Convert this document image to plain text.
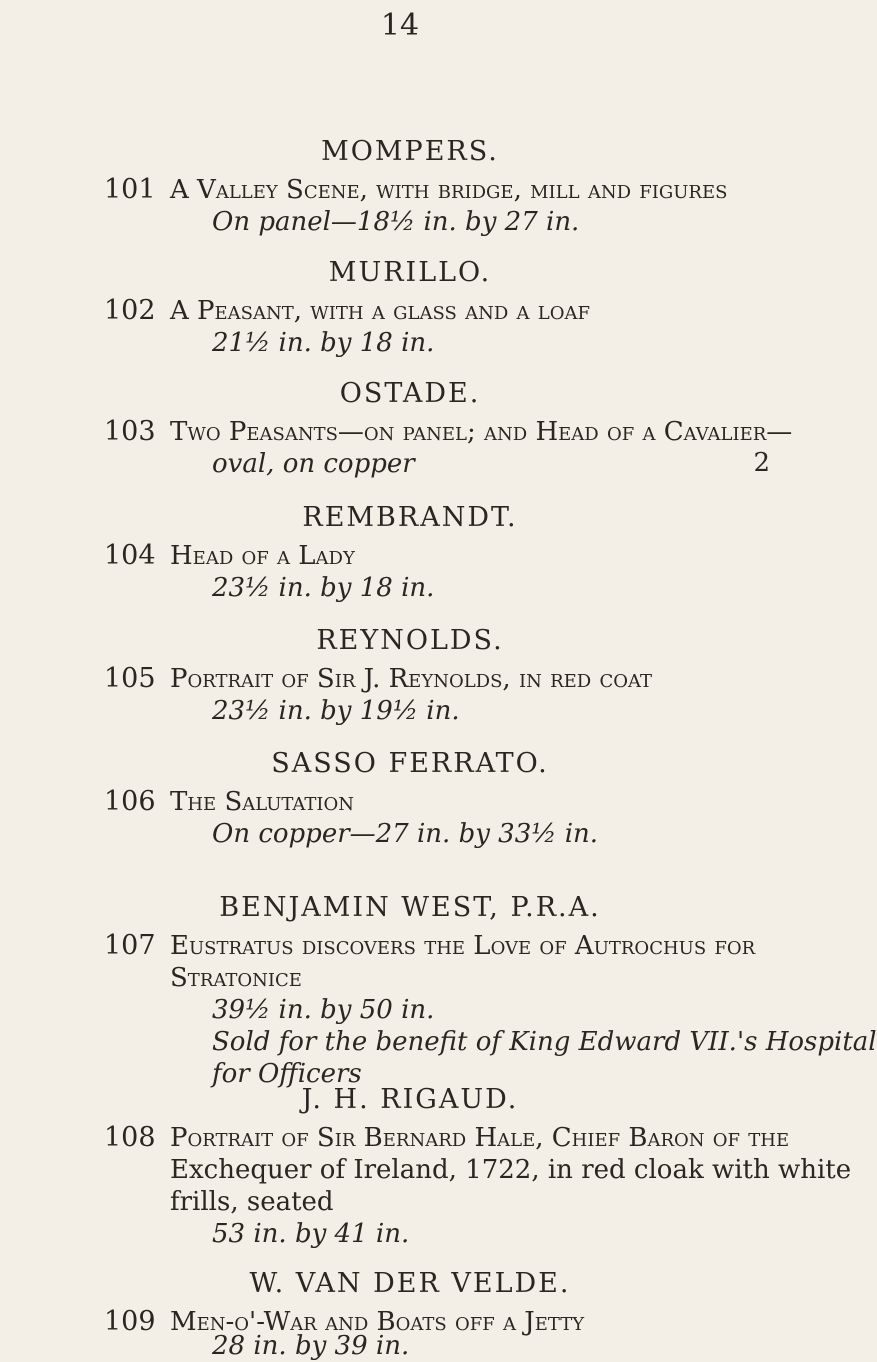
14
MOMPERS.
101 A Valley Scene, with bridge, mill and figures
On panel—18½ in. by 27 in.
MURILLO.
102 A Peasant, with a glass and a loaf
21½ in. by 18 in.
OSTADE.
103 Two Peasants—on panel; and Head of a Cavalier—
oval, on copper	2
REMBRANDT.
104 Head of a Lady
23½ in. by 18 in.
REYNOLDS.
105 Portrait of Sir J. Reynolds, in red coat
23½ in. by 19½ in.
SASSO FERRATO.
106 The Salutation
On copper—27 in. by 33½ in.
BENJAMIN WEST, P.R.A.
107 Eustratus discovers the Love of Autrochus for
Stratonice
39½ in. by 50 in.
Sold for the benefit of King Edward VII.'s Hospital
for Officers
J. H. RIGAUD.
108 Portrait of Sir Bernard Hale, Chief Baron of the
Exchequer of Ireland, 1722, in red cloak with white
frills, seated
53 in. by 41 in.
W. VAN DER VELDE.
109 Men-o'-War and Boats off a Jetty
28 in. by 39 in.
